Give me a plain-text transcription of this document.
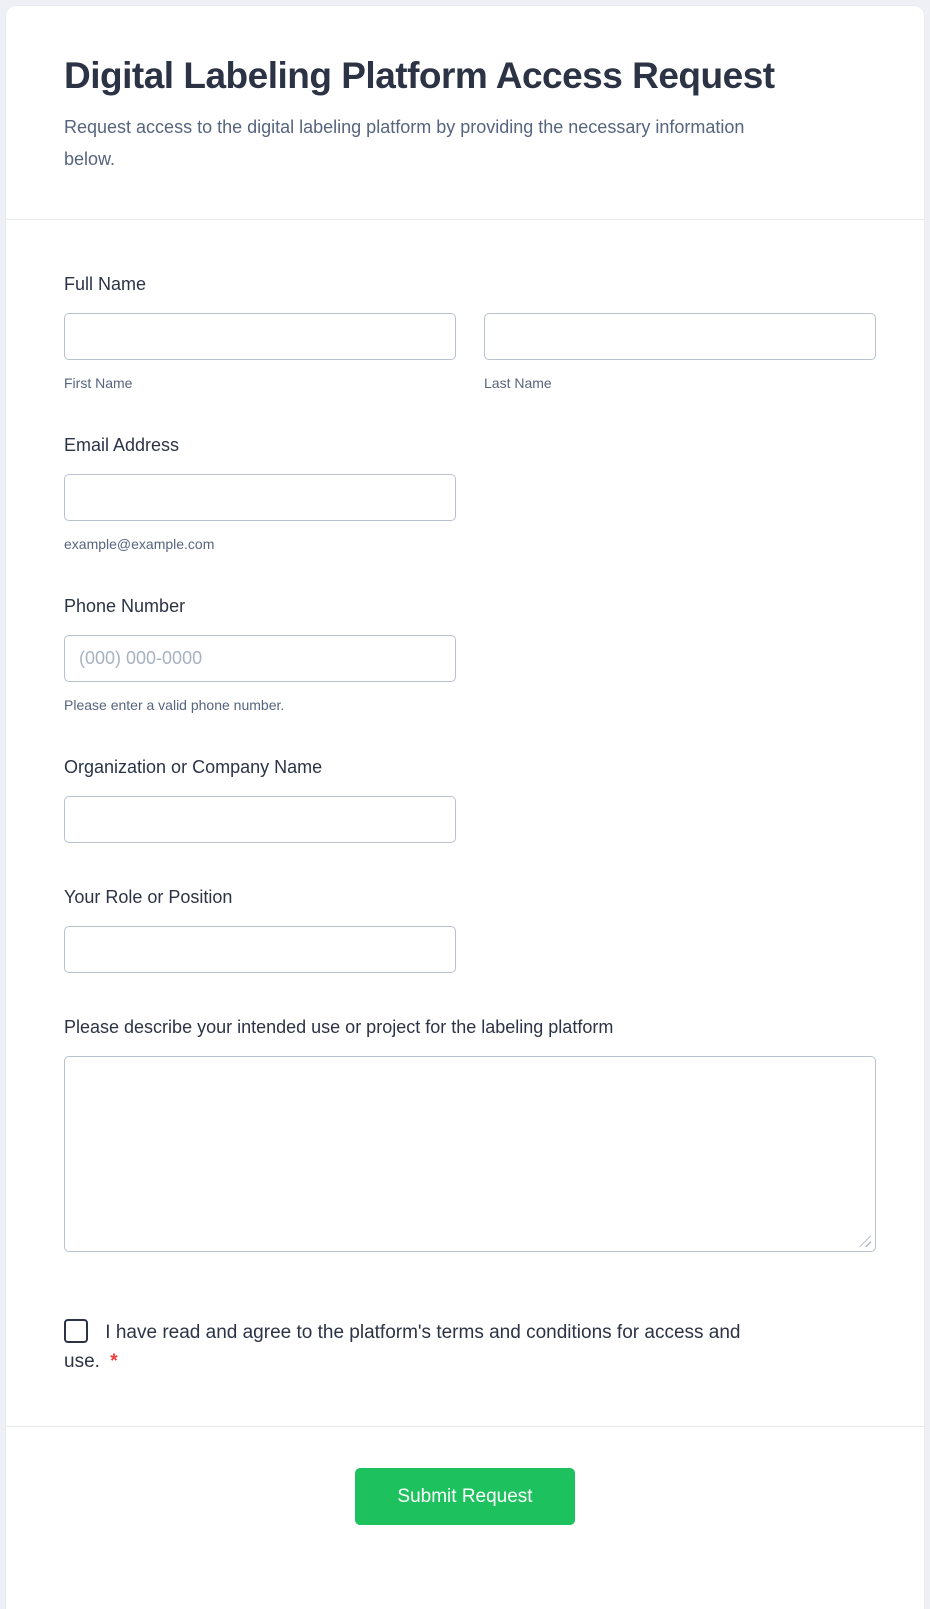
Digital Labeling Platform Access Request
Request access to the digital labeling platform by providing the necessary information below.
Full Name
First Name	Last Name
Email Address
example@example.com
Phone Number
(000) 000-0000
Please enter a valid phone number.
Organization or Company Name
Your Role or Position
Please describe your intended use or project for the labeling platform
I have read and agree to the platform's terms and conditions for access and use. *
Submit Request
